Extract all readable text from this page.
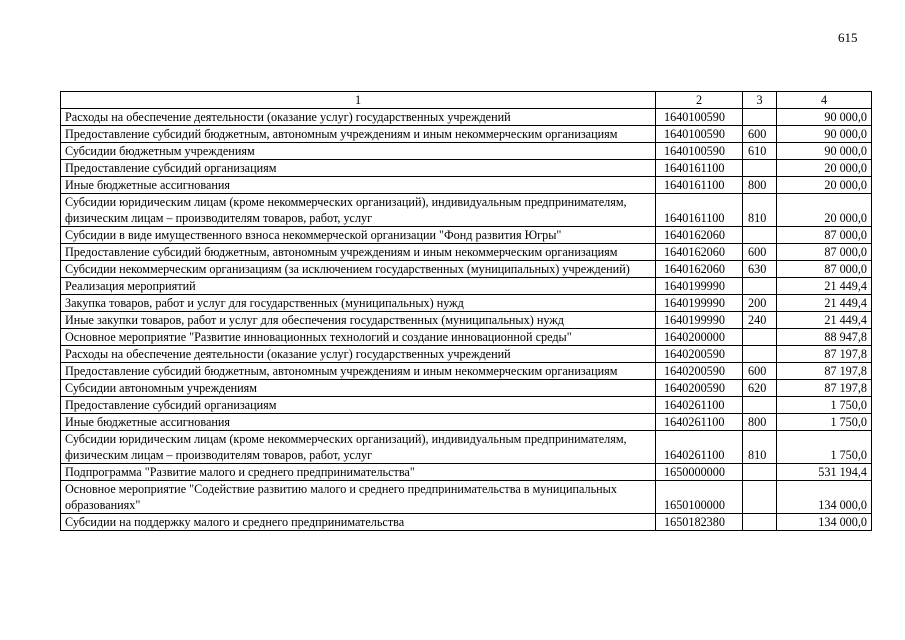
615
1	2	3	4
Расходы на обеспечение деятельности (оказание услуг) государственных учреждений	1640100590		90 000,0
Предоставление субсидий бюджетным, автономным учреждениям и иным некоммерческим организациям	1640100590	600	90 000,0
Субсидии бюджетным учреждениям	1640100590	610	90 000,0
Предоставление субсидий организациям	1640161100		20 000,0
Иные бюджетные ассигнования	1640161100	800	20 000,0
Субсидии юридическим лицам (кроме некоммерческих организаций), индивидуальным предпринимателям, физическим лицам – производителям товаров, работ, услуг	1640161100	810	20 000,0
Субсидии в виде имущественного взноса некоммерческой организации "Фонд развития Югры"	1640162060		87 000,0
Предоставление субсидий бюджетным, автономным учреждениям и иным некоммерческим организациям	1640162060	600	87 000,0
Субсидии некоммерческим организациям (за исключением государственных (муниципальных) учреждений)	1640162060	630	87 000,0
Реализация мероприятий	1640199990		21 449,4
Закупка товаров, работ и услуг для государственных (муниципальных) нужд	1640199990	200	21 449,4
Иные закупки товаров, работ и услуг для обеспечения государственных (муниципальных) нужд	1640199990	240	21 449,4
Основное мероприятие "Развитие инновационных технологий и создание инновационной среды"	1640200000		88 947,8
Расходы на обеспечение деятельности (оказание услуг) государственных учреждений	1640200590		87 197,8
Предоставление субсидий бюджетным, автономным учреждениям и иным некоммерческим организациям	1640200590	600	87 197,8
Субсидии автономным учреждениям	1640200590	620	87 197,8
Предоставление субсидий организациям	1640261100		1 750,0
Иные бюджетные ассигнования	1640261100	800	1 750,0
Субсидии юридическим лицам (кроме некоммерческих организаций), индивидуальным предпринимателям, физическим лицам – производителям товаров, работ, услуг	1640261100	810	1 750,0
Подпрограмма "Развитие малого и среднего предпринимательства"	1650000000		531 194,4
Основное мероприятие "Содействие развитию малого и среднего предпринимательства в муниципальных образованиях"	1650100000		134 000,0
Субсидии на поддержку малого и среднего предпринимательства	1650182380		134 000,0
